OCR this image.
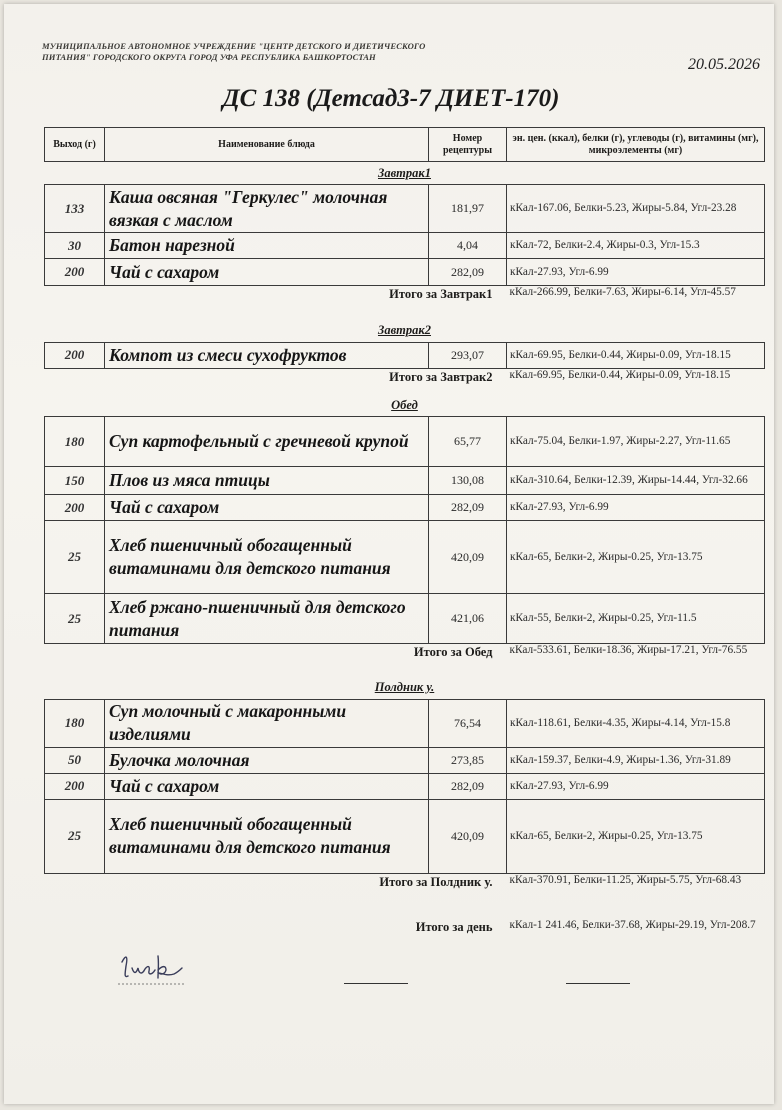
МУНИЦИПАЛЬНОЕ АВТОНОМНОЕ УЧРЕЖДЕНИЕ "ЦЕНТР ДЕТСКОГО И ДИЕТИЧЕСКОГО ПИТАНИЯ" ГОРОДСКОГО ОКРУГА ГОРОД УФА РЕСПУБЛИКА БАШКОРТОСТАН	20.05.2026
ДС 138 (Детсад3-7 ДИЕТ-170)
Выход (г)	Наименование блюда	Номер рецептуры	эн. цен. (ккал), белки (г), углеводы (г), витамины (мг), микроэлементы (мг)
Завтрак1			
133	Каша овсяная "Геркулес" молочная вязкая с маслом	181,97	кКал-167.06, Белки-5.23, Жиры-5.84, Угл-23.28
30	Батон нарезной	4,04	кКал-72, Белки-2.4, Жиры-0.3, Угл-15.3
200	Чай с сахаром	282,09	кКал-27.93, Угл-6.99
Итого за Завтрак1			кКал-266.99, Белки-7.63, Жиры-6.14, Угл-45.57
Завтрак2			
200	Компот из смеси сухофруктов	293,07	кКал-69.95, Белки-0.44, Жиры-0.09, Угл-18.15
Итого за Завтрак2			кКал-69.95, Белки-0.44, Жиры-0.09, Угл-18.15
Обед			
180	Суп картофельный с гречневой крупой	65,77	кКал-75.04, Белки-1.97, Жиры-2.27, Угл-11.65
150	Плов из мяса птицы	130,08	кКал-310.64, Белки-12.39, Жиры-14.44, Угл-32.66
200	Чай с сахаром	282,09	кКал-27.93, Угл-6.99
25	Хлеб пшеничный обогащенный витаминами для детского питания	420,09	кКал-65, Белки-2, Жиры-0.25, Угл-13.75
25	Хлеб ржано-пшеничный для детского питания	421,06	кКал-55, Белки-2, Жиры-0.25, Угл-11.5
Итого за Обед			кКал-533.61, Белки-18.36, Жиры-17.21, Угл-76.55
Полдник у.			
180	Суп молочный с макаронными изделиями	76,54	кКал-118.61, Белки-4.35, Жиры-4.14, Угл-15.8
50	Булочка молочная	273,85	кКал-159.37, Белки-4.9, Жиры-1.36, Угл-31.89
200	Чай с сахаром	282,09	кКал-27.93, Угл-6.99
25	Хлеб пшеничный обогащенный витаминами для детского питания	420,09	кКал-65, Белки-2, Жиры-0.25, Угл-13.75
Итого за Полдник у.			кКал-370.91, Белки-11.25, Жиры-5.75, Угл-68.43

Итого за день			кКал-1 241.46, Белки-37.68, Жиры-29.19, Угл-208.7
